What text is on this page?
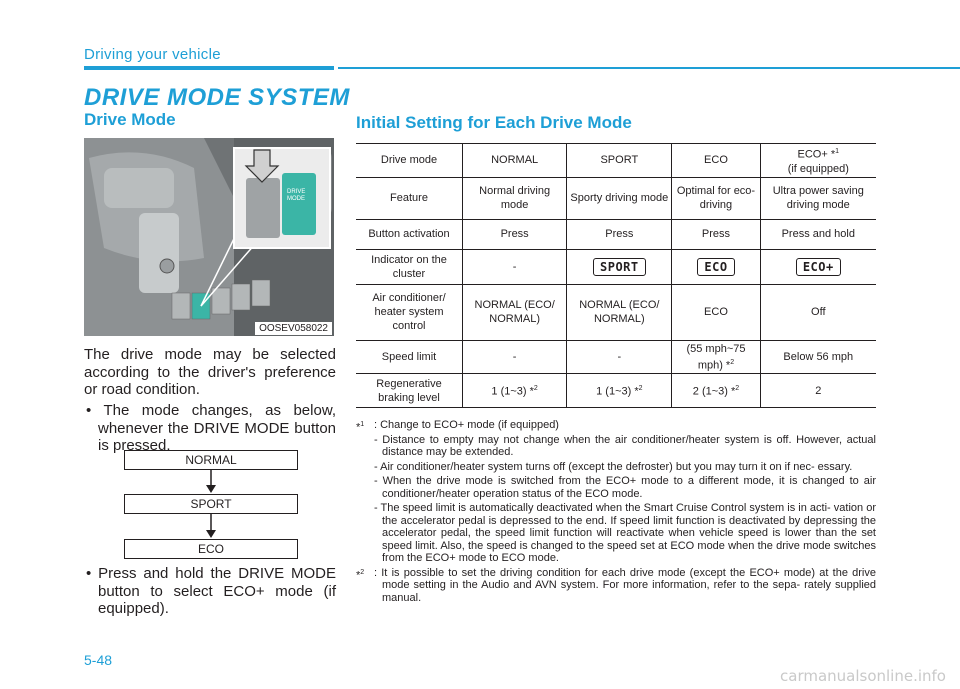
Driving your vehicle
DRIVE MODE SYSTEM
Drive Mode
DRIVE
MODE
OOSEV058022
The drive mode may be selected according to the driver's preference or road condition.
• The mode changes, as below, whenever the DRIVE MODE button is pressed.
NORMAL
SPORT
ECO
• Press and hold the DRIVE MODE button to select ECO+ mode (if equipped).
Initial Setting for Each Drive Mode
Drive mode	NORMAL	SPORT	ECO	ECO+ *$^1$
(if equipped)
Feature	Normal driving mode	Sporty driving mode	Optimal for eco- driving	Ultra power saving driving mode
Button activation	Press	Press	Press	Press and hold
Indicator on the cluster	-	SPORT	ECO	ECO+
Air conditioner/ heater system control	NORMAL (ECO/ NORMAL)	NORMAL (ECO/ NORMAL)	ECO	Off
Speed limit	-	-	(55 mph~75 mph) *$^2$	Below 56 mph
Regenerative braking level	1 (1~3) *$^2$	1 (1~3) *$^2$	2 (1~3) *$^2$	2
*$^1$ : Change to ECO+ mode (if equipped)
- Distance to empty may not change when the air conditioner/heater system is off. However, actual distance may be extended.
- Air conditioner/heater system turns off (except the defroster) but you may turn it on if nec- essary.
- When the drive mode is switched from the ECO+ mode to a different mode, it is changed to air conditioner/heater operation status of the ECO mode.
- The speed limit is automatically deactivated when the Smart Cruise Control system is in acti- vation or the accelerator pedal is depressed to the end. If speed limit function is deactivated by depressing the accelerator pedal, the speed limit function will reactivate when vehicle speed is lower than the set speed limit. Also, the speed is changed to the speed set at ECO mode when the drive mode switches from the ECO+ mode to ECO mode.
*$^2$ : It is possible to set the driving condition for each drive mode (except the ECO+ mode) at the drive mode setting in the Audio and AVN system. For more information, refer to the sepa- rately supplied manual.
5-48
carmanualsonline.info
